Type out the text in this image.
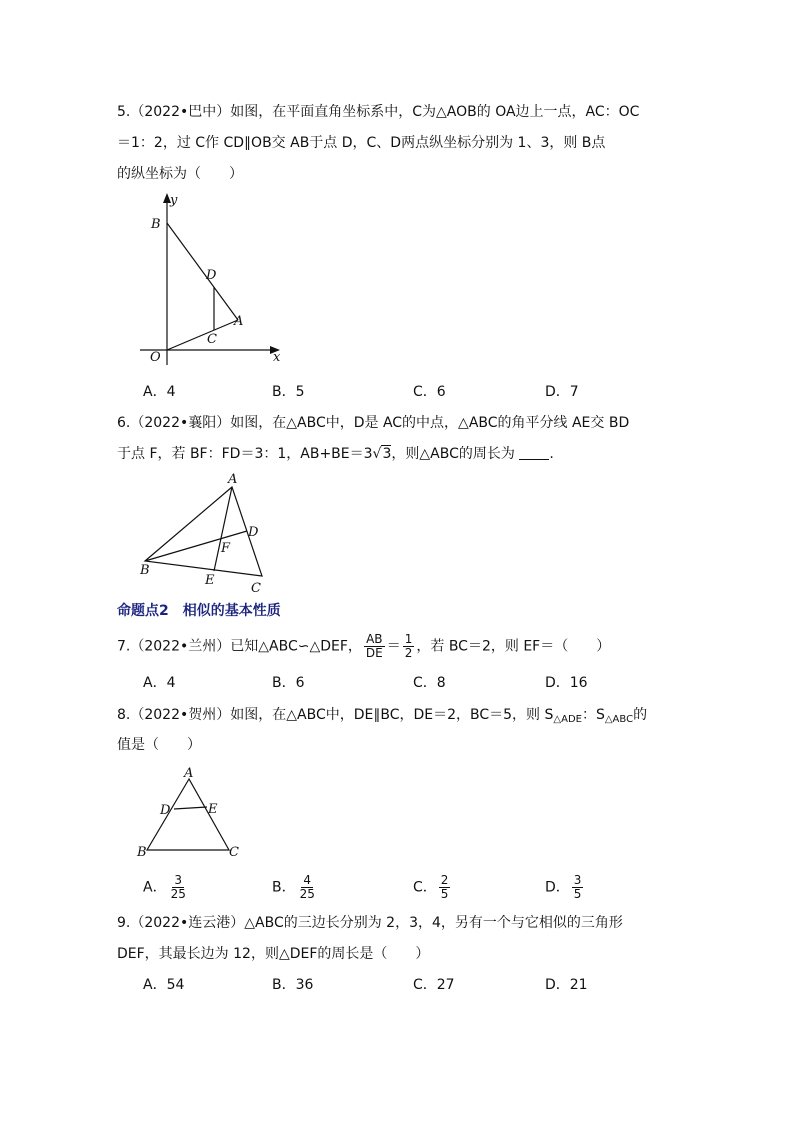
5.（2022•巴中）如图，在平面直角坐标系中，C为△AOB的 OA边上一点，AC：OC
＝1：2，过 C作 CD∥OB交 AB于点 D，C、D两点纵坐标分别为 1、3，则 B点
的纵坐标为（　　）
y
x
B
D
A
O
C
A．4	B．5	C．6	D．7
6.（2022•襄阳）如图，在△ABC中，D是 AC的中点，△ABC的角平分线 AE交 BD
于点 F，若 BF：FD＝3：1，AB+BE＝3√3，则△ABC的周长为 .
A
D
F
B
E
C
命题点2　相似的基本性质
7.（2022•兰州）已知△ABC∽△DEF， $\frac{AB}{DE} = \frac{1}{2}$ ，若 BC＝2，则 EF＝（　　）
A．4	B．6	C．8	D．16
8.（2022•贺州）如图，在△ABC中，DE∥BC，DE＝2，BC＝5，则 $S_{\triangle ADE}$：$S_{\triangle ABC}$的
值是（　　）
A
D	E
B	C
A． $\frac{3}{25}$	B． $\frac{4}{25}$	C． $\frac{2}{5}$	D． $\frac{3}{5}$
9.（2022•连云港）△ABC的三边长分别为 2，3，4，另有一个与它相似的三角形
DEF，其最长边为 12，则△DEF的周长是（　　）
A．54	B．36	C．27	D．21
